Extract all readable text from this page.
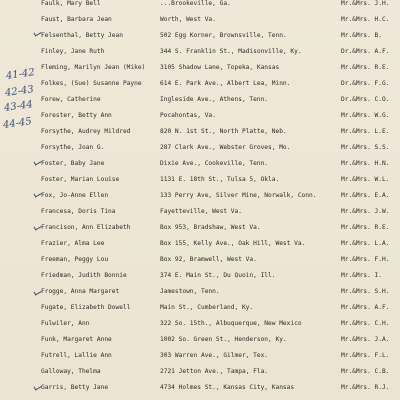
41-42
42-43
43-44
44-45
Faulk, Mary Bell	...Brookeville, Ga.	Mr.&Mrs. J.H.
Faust, Barbara Jean	Worth, West Va.	Mr.&Mrs. H.C.
Felsenthal, Betty Jean	502 Egg Korner, Brownsville, Tenn.	Mr.&Mrs. B.
Finley, Jane Ruth	344 S. Franklin St., Madisonville, Ky.	Dr.&Mrs. A.F.
Fleming, Marilyn Jean (Mike) 3105 Shadow Lane, Topeka, Kansas	Mr.&Mrs. R.E.
Folkes, (Sue) Susanne Payne	614 E. Park Ave., Albert Lea, Minn.	Dr.&Mrs. F.G.
Forew, Catherine	Ingleside Ave., Athens, Tenn.	Dr.&Mrs. C.O.
Forester, Betty Ann	Pocahontas, Va.	Mr.&Mrs. W.G.
Forsythe, Audrey Mildred	820 N. 1st St., North Platte, Neb.	Mr.&Mrs. L.E.
Forsythe, Joan G.	287 Clark Ave., Webster Groves, Mo.	Mr.&Mrs. S.S.
Foster, Baby Jane	Dixie Ave., Cookeville, Tenn.	Mr.&Mrs. H.N.
Foster, Marian Louise	1131 E. 18th St., Tulsa 5, Okla.	Mr.&Mrs. W.L.
Fox, Jo-Anne Ellen	133 Perry Ave, Silver Mine, Norwalk, Conn.	Mr.&Mrs. E.A.
Francesa, Doris Tina	Fayetteville, West Va.	Mr.&Mrs. J.W.
Francison, Ann Elizabeth	Box 953, Bradshaw, West Va.	Mr.&Mrs. R.E.
Frazier, Alma Lee	Box 155, Kelly Ave., Oak Hill, West Va.	Mr.&Mrs. L.A.
Freeman, Peggy Lou	Box 92, Bramwell, West Va.	Mr.&Mrs. F.H.
Friedman, Judith Bonnie	374 E. Main St., Du Quoin, Ill.	Mr.&Mrs. I.
Frogge, Anna Margaret	Jamestown, Tenn.	Mr.&Mrs. S.H.
Fugate, Elizabeth Dowell	Main St., Cumberland, Ky.	Mr.&Mrs. A.F.
Fulwiler, Ann	322 So. 15th., Albuquerque, New Mexico	Mr.&Mrs. C.H.
Funk, Margaret Anne	1002 So. Green St., Henderson, Ky.	Mr.&Mrs. J.A.
Futrell, Lallie Ann	303 Warren Ave., Gilmer, Tex.	Mr.&Mrs. F.L.
Galloway, Thelma	2721 Jetton Ave., Tampa, Fla.	Mr.&Mrs. C.B.
Garris, Betty Jane	4734 Holmes St., Kansas City, Kansas	Mr.&Mrs. R.J.
